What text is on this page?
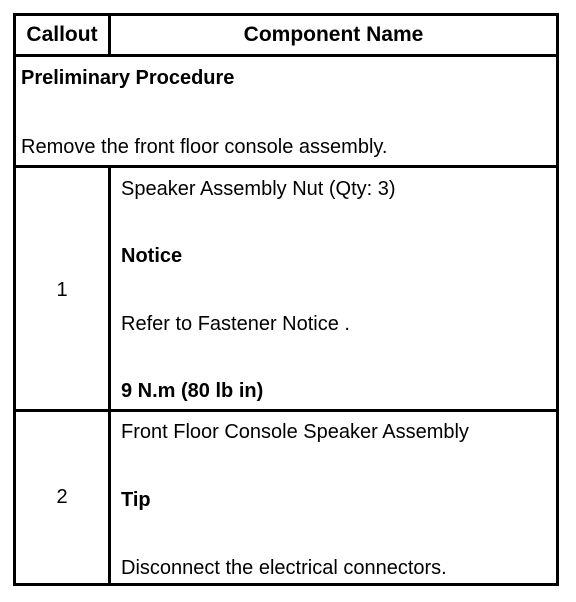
Callout	Component Name
Preliminary Procedure
Remove the front floor console assembly.
1
Speaker Assembly Nut (Qty: 3)
Notice
Refer to Fastener Notice .
9 N.m (80 lb in)
2
Front Floor Console Speaker Assembly
Tip
Disconnect the electrical connectors.
